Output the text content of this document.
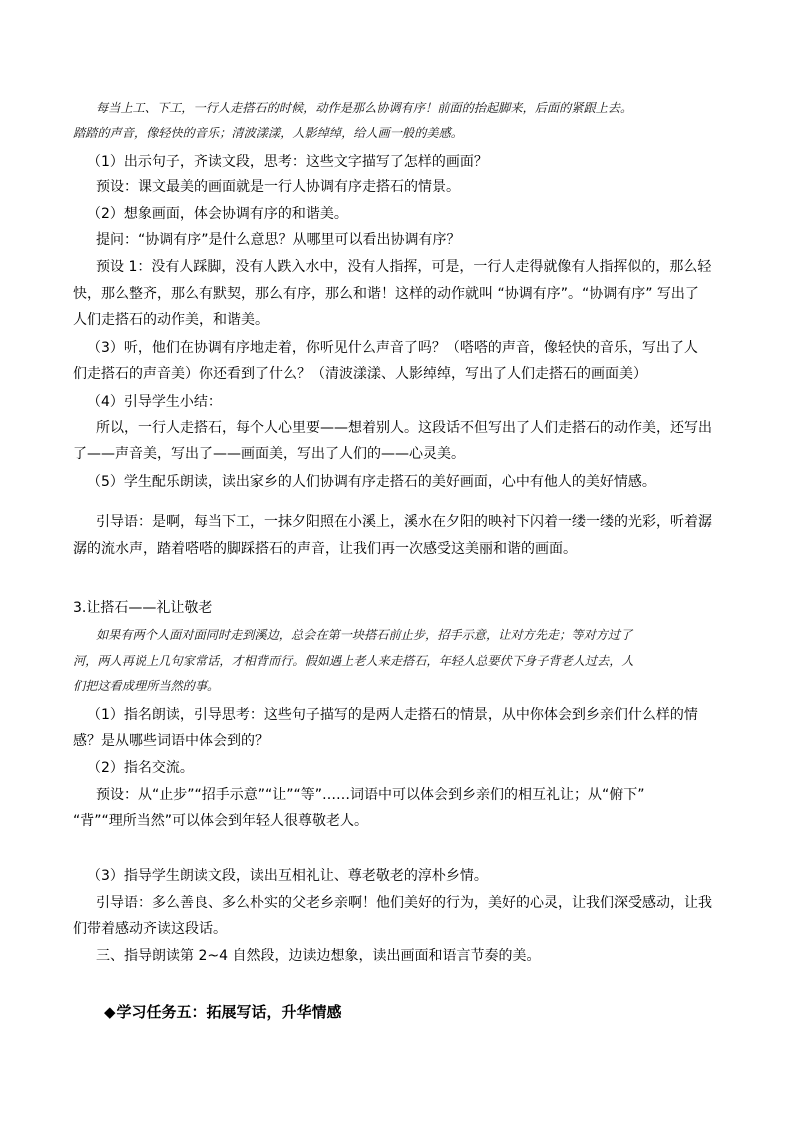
每当上工、下工，一行人走搭石的时候，动作是那么协调有序！前面的抬起脚来，后面的紧跟上去。
踏踏的声音，像轻快的音乐；清波漾漾，人影绰绰，给人画一般的美感。
（1）出示句子，齐读文段，思考：这些文字描写了怎样的画面？
预设：课文最美的画面就是一行人协调有序走搭石的情景。
（2）想象画面，体会协调有序的和谐美。
提问：“协调有序”是什么意思？从哪里可以看出协调有序？
预设 1：没有人踩脚，没有人跌入水中，没有人指挥，可是，一行人走得就像有人指挥似的，那么轻
快，那么整齐，那么有默契，那么有序，那么和谐！这样的动作就叫 “协调有序”。“协调有序” 写出了
人们走搭石的动作美，和谐美。
（3）听，他们在协调有序地走着，你听见什么声音了吗？（嗒嗒的声音，像轻快的音乐，写出了人
们走搭石的声音美）你还看到了什么？（清波漾漾、人影绰绰，写出了人们走搭石的画面美）
（4）引导学生小结：
所以，一行人走搭石，每个人心里要——想着别人。这段话不但写出了人们走搭石的动作美，还写出
了——声音美，写出了——画面美，写出了人们的——心灵美。
（5）学生配乐朗读，读出家乡的人们协调有序走搭石的美好画面，心中有他人的美好情感。
引导语：是啊，每当下工，一抹夕阳照在小溪上，溪水在夕阳的映衬下闪着一缕一缕的光彩，听着潺
潺的流水声，踏着嗒嗒的脚踩搭石的声音，让我们再一次感受这美丽和谐的画面。
3.让搭石——礼让敬老
如果有两个人面对面同时走到溪边，总会在第一块搭石前止步，招手示意，让对方先走；等对方过了
河，两人再说上几句家常话，才相背而行。假如遇上老人来走搭石，年轻人总要伏下身子背老人过去，人
们把这看成理所当然的事。
（1）指名朗读，引导思考：这些句子描写的是两人走搭石的情景，从中你体会到乡亲们什么样的情
感？是从哪些词语中体会到的？
（2）指名交流。
预设：从“止步”“招手示意”“让”“等”……词语中可以体会到乡亲们的相互礼让；从“俯下”
“背”“理所当然”可以体会到年轻人很尊敬老人。
（3）指导学生朗读文段，读出互相礼让、尊老敬老的淳朴乡情。
引导语：多么善良、多么朴实的父老乡亲啊！他们美好的行为，美好的心灵，让我们深受感动，让我
们带着感动齐读这段话。
三、指导朗读第 2~4 自然段，边读边想象，读出画面和语言节奏的美。
◆学习任务五：拓展写话，升华情感
